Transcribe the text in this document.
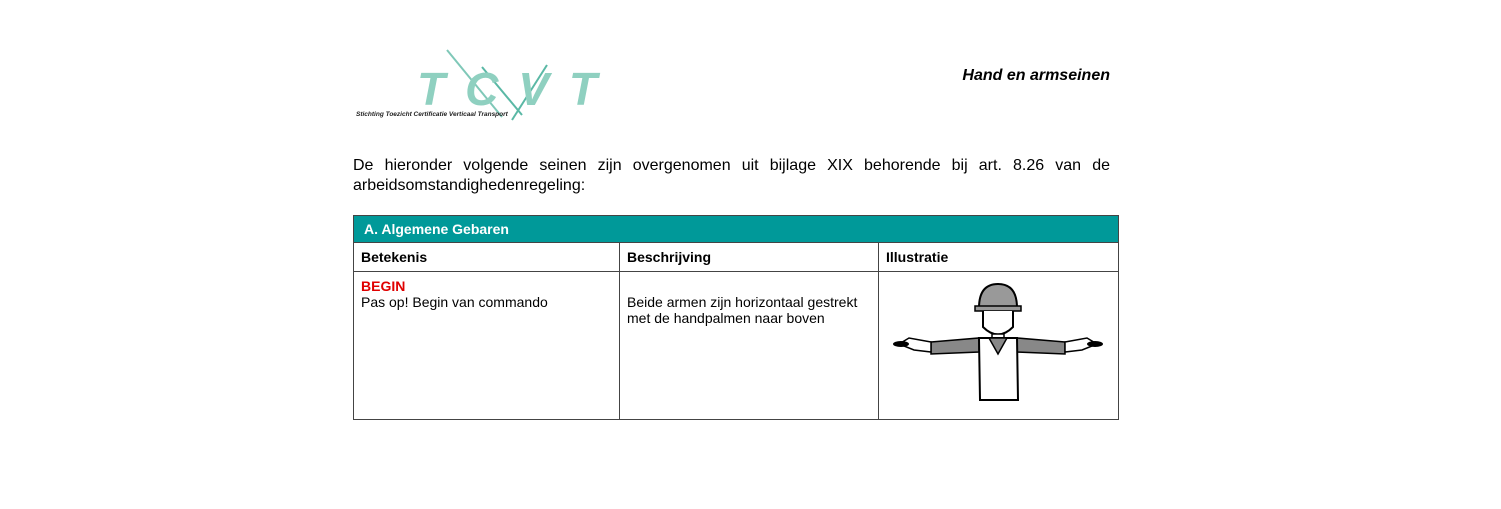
TCVT
Stichting Toezicht Certificatie Verticaal Transport
Hand en armseinen
De hieronder volgende seinen zijn overgenomen uit bijlage XIX behorende bij art. 8.26 van de arbeidsomstandighedenregeling:
A. Algemene Gebaren		
Betekenis	Beschrijving	Illustratie

BEGIN
Pas op! Begin van commando	Beide armen zijn horizontaal gestrekt met de handpalmen naar boven
